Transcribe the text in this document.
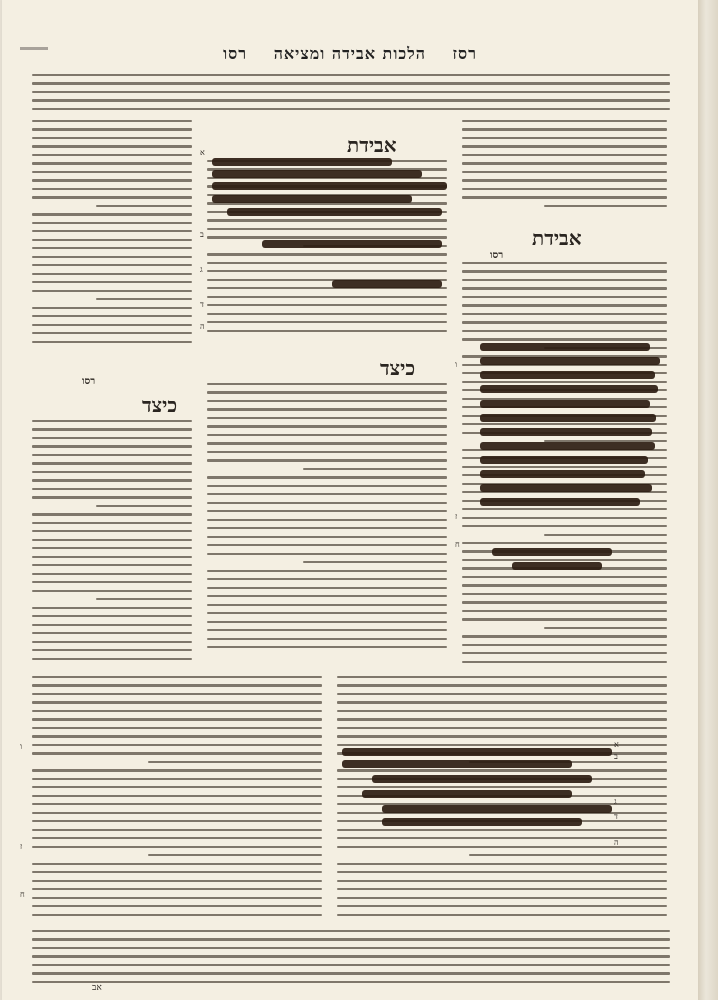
רסז הלכות אבידה ומציאה רסו
רסו
כיצד
אבידת
כיצד
אבידת
רסו
א
ב
ג
ד
ה
ו
ז
ח
א
ב
ג
ד
ה
ו
ז
ח
אב
